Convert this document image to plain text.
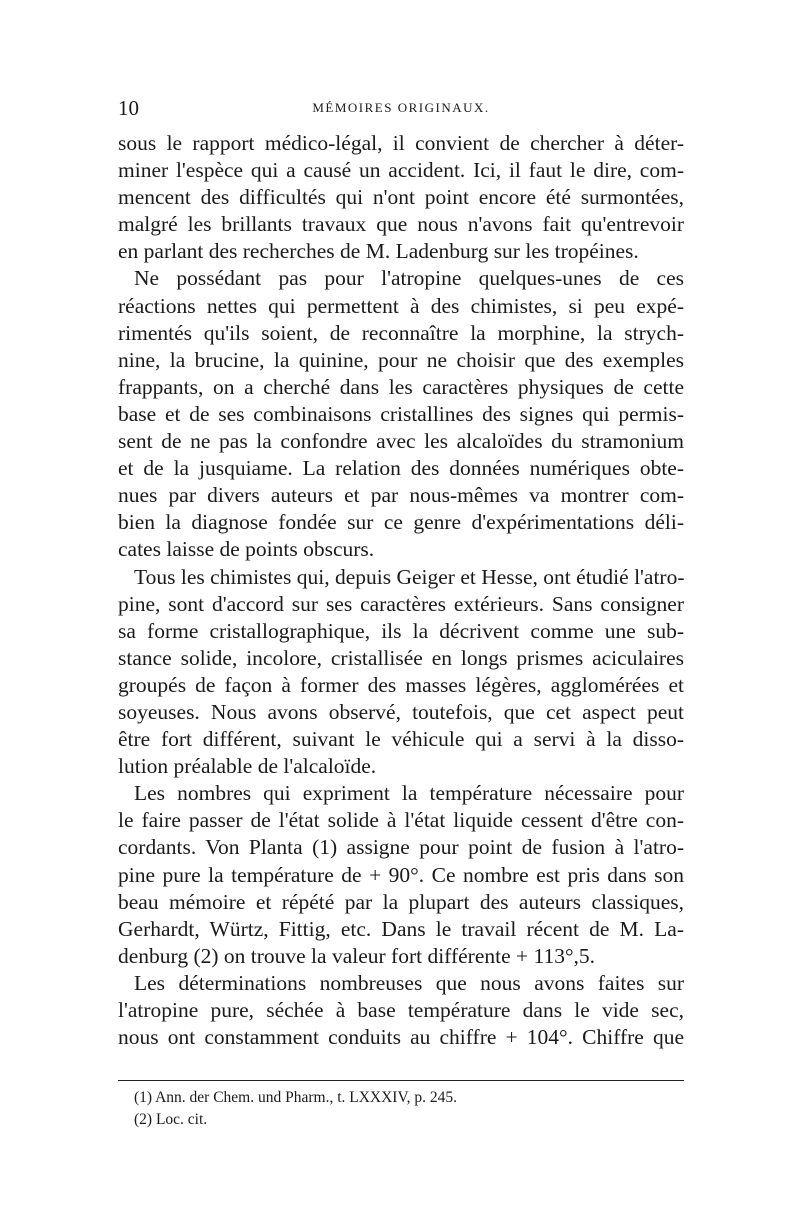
10	MÉMOIRES ORIGINAUX.

sous le rapport médico-légal, il convient de chercher à déter-

miner l'espèce qui a causé un accident. Ici, il faut le dire, com-

mencent des difficultés qui n'ont point encore été surmontées,

malgré les brillants travaux que nous n'avons fait qu'entrevoir

en parlant des recherches de M. Ladenburg sur les tropéines.

Ne possédant pas pour l'atropine quelques-unes de ces

réactions nettes qui permettent à des chimistes, si peu expé-

rimentés qu'ils soient, de reconnaître la morphine, la strych-

nine, la brucine, la quinine, pour ne choisir que des exemples

frappants, on a cherché dans les caractères physiques de cette

base et de ses combinaisons cristallines des signes qui permis-

sent de ne pas la confondre avec les alcaloïdes du stramonium

et de la jusquiame. La relation des données numériques obte-

nues par divers auteurs et par nous-mêmes va montrer com-

bien la diagnose fondée sur ce genre d'expérimentations déli-

cates laisse de points obscurs.

Tous les chimistes qui, depuis Geiger et Hesse, ont étudié l'atro-

pine, sont d'accord sur ses caractères extérieurs. Sans consigner

sa forme cristallographique, ils la décrivent comme une sub-

stance solide, incolore, cristallisée en longs prismes aciculaires

groupés de façon à former des masses légères, agglomérées et

soyeuses. Nous avons observé, toutefois, que cet aspect peut

être fort différent, suivant le véhicule qui a servi à la disso-

lution préalable de l'alcaloïde.

Les nombres qui expriment la température nécessaire pour

le faire passer de l'état solide à l'état liquide cessent d'être con-

cordants. Von Planta (1) assigne pour point de fusion à l'atro-

pine pure la température de + 90°. Ce nombre est pris dans son

beau mémoire et répété par la plupart des auteurs classiques,

Gerhardt, Würtz, Fittig, etc. Dans le travail récent de M. La-

denburg (2) on trouve la valeur fort différente + 113°,5.

Les déterminations nombreuses que nous avons faites sur

l'atropine pure, séchée à base température dans le vide sec,

nous ont constamment conduits au chiffre + 104°. Chiffre que

(1) Ann. der Chem. und Pharm., t. LXXXIV, p. 245.

(2) Loc. cit.
